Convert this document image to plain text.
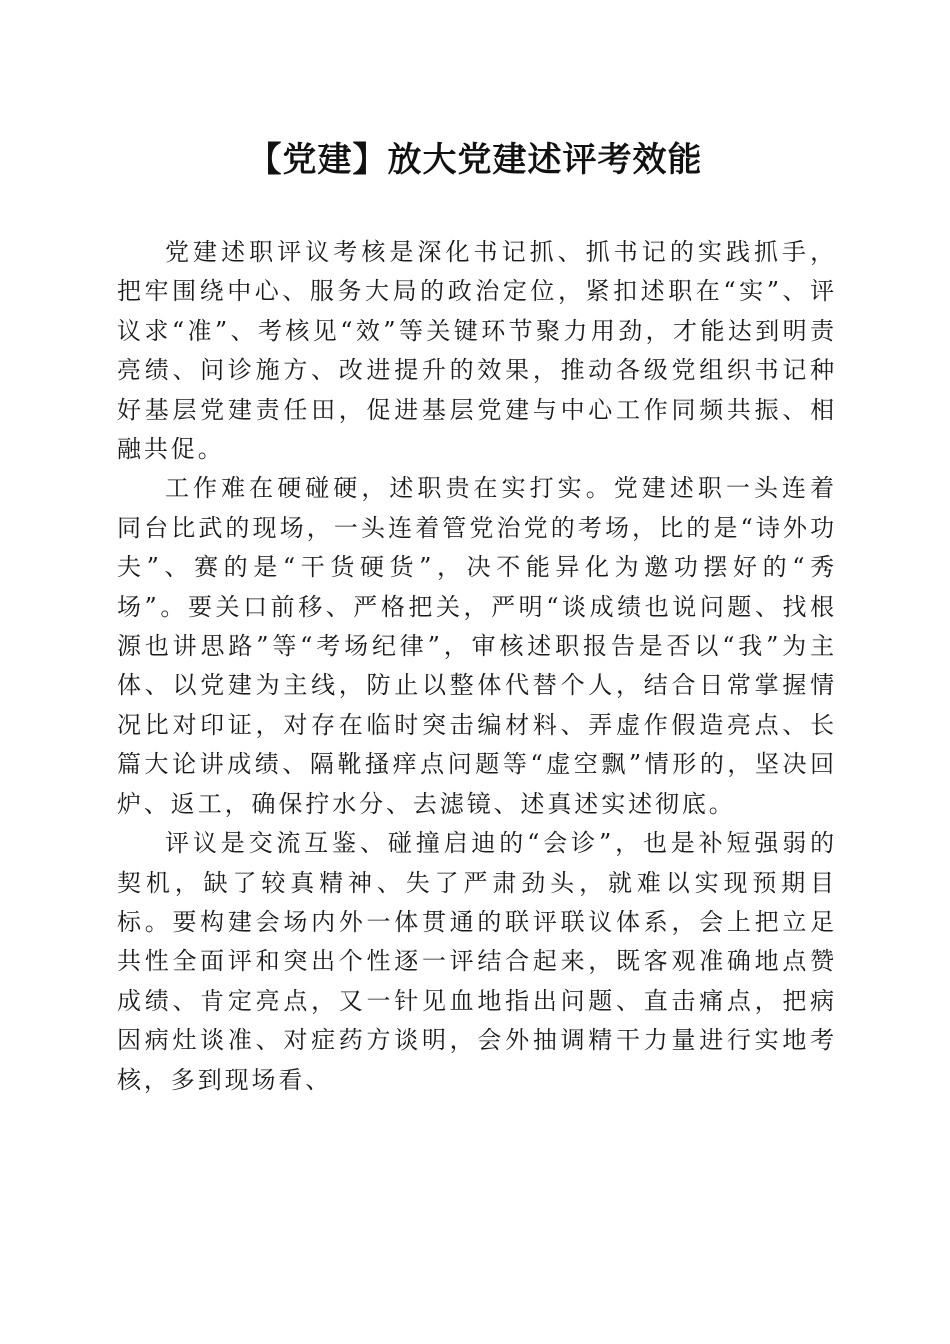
【党建】放大党建述评考效能

党建述职评议考核是深化书记抓、抓书记的实践抓手，把牢围绕中心、服务大局的政治定位，紧扣述职在“实”、评议求“准”、考核见“效”等关键环节聚力用劲，才能达到明责亮绩、问诊施方、改进提升的效果，推动各级党组织书记种好基层党建责任田，促进基层党建与中心工作同频共振、相融共促。

工作难在硬碰硬，述职贵在实打实。党建述职一头连着同台比武的现场，一头连着管党治党的考场，比的是“诗外功夫”、赛的是“干货硬货”，决不能异化为邀功摆好的“秀场”。要关口前移、严格把关，严明“谈成绩也说问题、找根源也讲思路”等“考场纪律”，审核述职报告是否以“我”为主体、以党建为主线，防止以整体代替个人，结合日常掌握情况比对印证，对存在临时突击编材料、弄虚作假造亮点、长篇大论讲成绩、隔靴搔痒点问题等“虚空飘”情形的，坚决回炉、返工，确保拧水分、去滤镜、述真述实述彻底。

评议是交流互鉴、碰撞启迪的“会诊”，也是补短强弱的契机，缺了较真精神、失了严肃劲头，就难以实现预期目标。要构建会场内外一体贯通的联评联议体系，会上把立足共性全面评和突出个性逐一评结合起来，既客观准确地点赞成绩、肯定亮点，又一针见血地指出问题、直击痛点，把病因病灶谈准、对症药方谈明，会外抽调精干力量进行实地考核，多到现场看、
